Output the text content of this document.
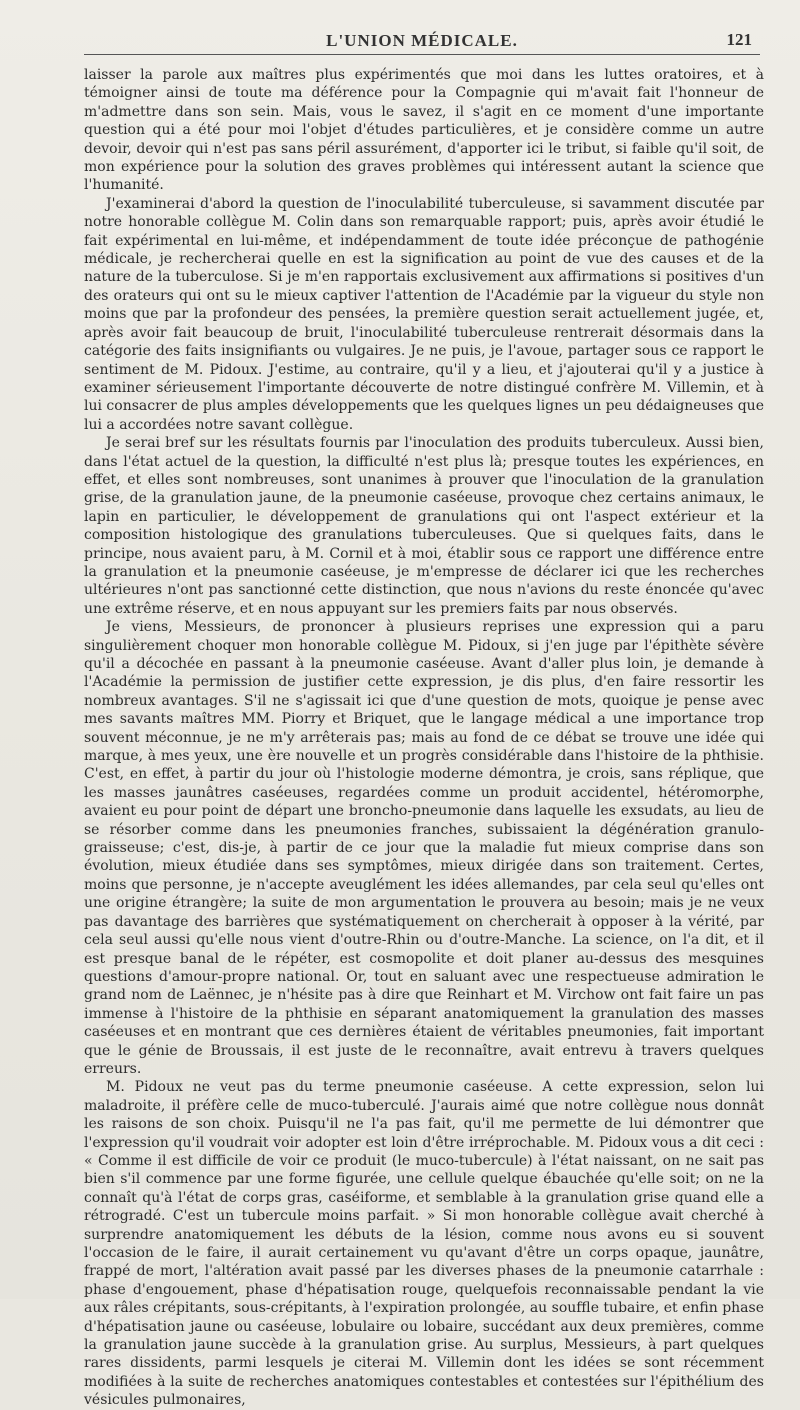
L'UNION MÉDICALE.	121

laisser la parole aux maîtres plus expérimentés que moi dans les luttes oratoires, et à témoigner ainsi de toute ma déférence pour la Compagnie qui m'avait fait l'honneur de m'admettre dans son sein. Mais, vous le savez, il s'agit en ce moment d'une importante question qui a été pour moi l'objet d'études particulières, et je considère comme un autre devoir, devoir qui n'est pas sans péril assurément, d'apporter ici le tribut, si faible qu'il soit, de mon expérience pour la solution des graves problèmes qui intéressent autant la science que l'humanité.

J'examinerai d'abord la question de l'inoculabilité tuberculeuse, si savamment discutée par notre honorable collègue M. Colin dans son remarquable rapport; puis, après avoir étudié le fait expérimental en lui-même, et indépendamment de toute idée préconçue de pathogénie médicale, je rechercherai quelle en est la signification au point de vue des causes et de la nature de la tuberculose. Si je m'en rapportais exclusivement aux affirmations si positives d'un des orateurs qui ont su le mieux captiver l'attention de l'Académie par la vigueur du style non moins que par la profondeur des pensées, la première question serait actuellement jugée, et, après avoir fait beaucoup de bruit, l'inoculabilité tuberculeuse rentrerait désormais dans la catégorie des faits insignifiants ou vulgaires. Je ne puis, je l'avoue, partager sous ce rapport le sentiment de M. Pidoux. J'estime, au contraire, qu'il y a lieu, et j'ajouterai qu'il y a justice à examiner sérieusement l'importante découverte de notre distingué confrère M. Villemin, et à lui consacrer de plus amples développements que les quelques lignes un peu dédaigneuses que lui a accordées notre savant collègue.

Je serai bref sur les résultats fournis par l'inoculation des produits tuberculeux. Aussi bien, dans l'état actuel de la question, la difficulté n'est plus là; presque toutes les expériences, en effet, et elles sont nombreuses, sont unanimes à prouver que l'inoculation de la granulation grise, de la granulation jaune, de la pneumonie caséeuse, provoque chez certains animaux, le lapin en particulier, le développement de granulations qui ont l'aspect extérieur et la composition histologique des granulations tuberculeuses. Que si quelques faits, dans le principe, nous avaient paru, à M. Cornil et à moi, établir sous ce rapport une différence entre la granulation et la pneumonie caséeuse, je m'empresse de déclarer ici que les recherches ultérieures n'ont pas sanctionné cette distinction, que nous n'avions du reste énoncée qu'avec une extrême réserve, et en nous appuyant sur les premiers faits par nous observés.

Je viens, Messieurs, de prononcer à plusieurs reprises une expression qui a paru singulièrement choquer mon honorable collègue M. Pidoux, si j'en juge par l'épithète sévère qu'il a décochée en passant à la pneumonie caséeuse. Avant d'aller plus loin, je demande à l'Académie la permission de justifier cette expression, je dis plus, d'en faire ressortir les nombreux avantages. S'il ne s'agissait ici que d'une question de mots, quoique je pense avec mes savants maîtres MM. Piorry et Briquet, que le langage médical a une importance trop souvent méconnue, je ne m'y arrêterais pas; mais au fond de ce débat se trouve une idée qui marque, à mes yeux, une ère nouvelle et un progrès considérable dans l'histoire de la phthisie. C'est, en effet, à partir du jour où l'histologie moderne démontra, je crois, sans réplique, que les masses jaunâtres caséeuses, regardées comme un produit accidentel, hétéromorphe, avaient eu pour point de départ une broncho-pneumonie dans laquelle les exsudats, au lieu de se résorber comme dans les pneumonies franches, subissaient la dégénération granulo-graisseuse; c'est, dis-je, à partir de ce jour que la maladie fut mieux comprise dans son évolution, mieux étudiée dans ses symptômes, mieux dirigée dans son traitement. Certes, moins que personne, je n'accepte aveuglément les idées allemandes, par cela seul qu'elles ont une origine étrangère; la suite de mon argumentation le prouvera au besoin; mais je ne veux pas davantage des barrières que systématiquement on chercherait à opposer à la vérité, par cela seul aussi qu'elle nous vient d'outre-Rhin ou d'outre-Manche. La science, on l'a dit, et il est presque banal de le répéter, est cosmopolite et doit planer au-dessus des mesquines questions d'amour-propre national. Or, tout en saluant avec une respectueuse admiration le grand nom de Laënnec, je n'hésite pas à dire que Reinhart et M. Virchow ont fait faire un pas immense à l'histoire de la phthisie en séparant anatomiquement la granulation des masses caséeuses et en montrant que ces dernières étaient de véritables pneumonies, fait important que le génie de Broussais, il est juste de le reconnaître, avait entrevu à travers quelques erreurs.

M. Pidoux ne veut pas du terme pneumonie caséeuse. A cette expression, selon lui maladroite, il préfère celle de muco-tuberculé. J'aurais aimé que notre collègue nous donnât les raisons de son choix. Puisqu'il ne l'a pas fait, qu'il me permette de lui démontrer que l'expression qu'il voudrait voir adopter est loin d'être irréprochable. M. Pidoux vous a dit ceci : « Comme il est difficile de voir ce produit (le muco-tubercule) à l'état naissant, on ne sait pas bien s'il commence par une forme figurée, une cellule quelque ébauchée qu'elle soit; on ne la connaît qu'à l'état de corps gras, caséiforme, et semblable à la granulation grise quand elle a rétrogradé. C'est un tubercule moins parfait. » Si mon honorable collègue avait cherché à surprendre anatomiquement les débuts de la lésion, comme nous avons eu si souvent l'occasion de le faire, il aurait certainement vu qu'avant d'être un corps opaque, jaunâtre, frappé de mort, l'altération avait passé par les diverses phases de la pneumonie catarrhale : phase d'engouement, phase d'hépatisation rouge, quelquefois reconnaissable pendant la vie aux râles crépitants, sous-crépitants, à l'expiration prolongée, au souffle tubaire, et enfin phase d'hépatisation jaune ou caséeuse, lobulaire ou lobaire, succédant aux deux premières, comme la granulation jaune succède à la granulation grise. Au surplus, Messieurs, à part quelques rares dissidents, parmi lesquels je citerai M. Villemin dont les idées se sont récemment modifiées à la suite de recherches anatomiques contestables et contestées sur l'épithélium des vésicules pulmonaires,
